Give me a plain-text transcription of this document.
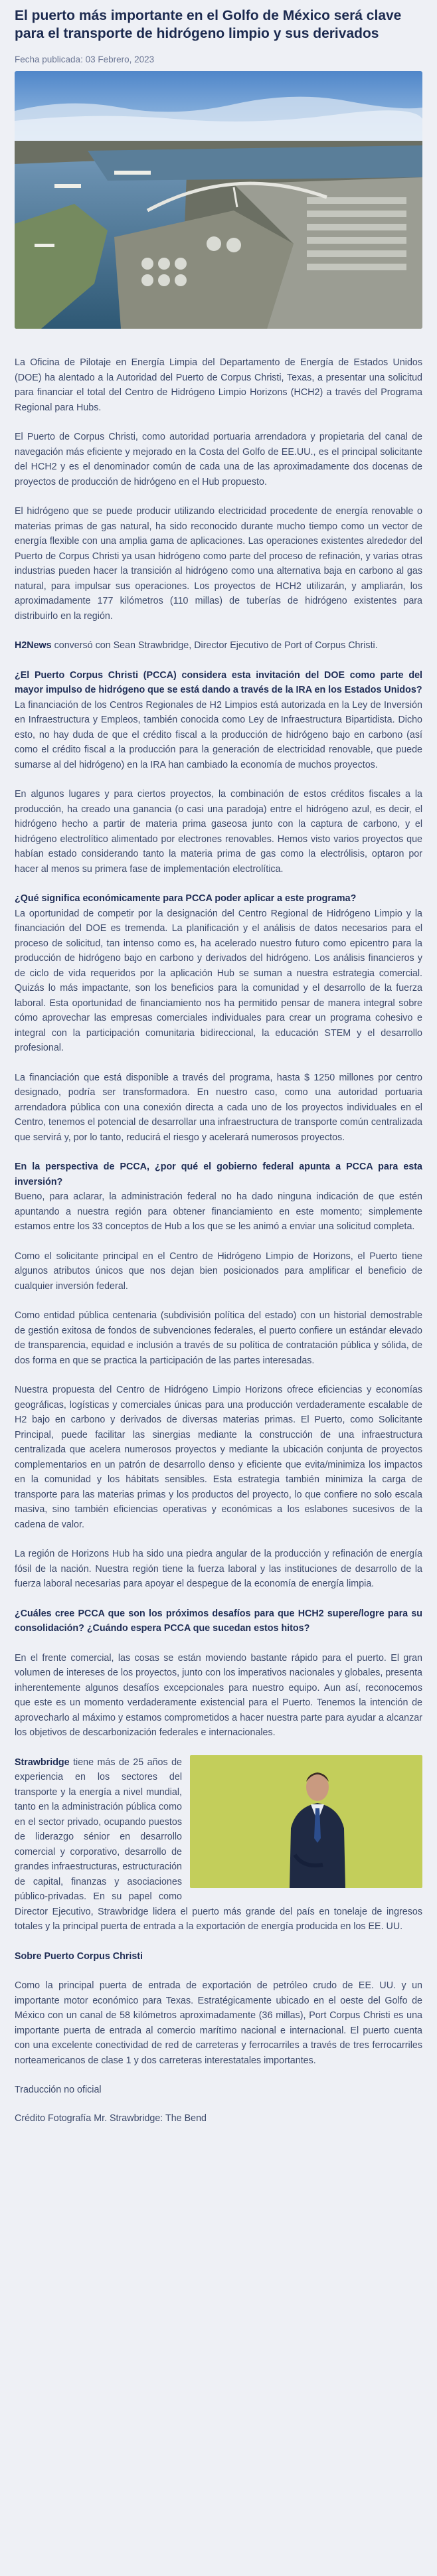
El puerto más importante en el Golfo de México será clave para el transporte de hidrógeno limpio y sus derivados
Fecha publicada: 03 Febrero, 2023

La Oficina de Pilotaje en Energía Limpia del Departamento de Energía de Estados Unidos (DOE) ha alentado a la Autoridad del Puerto de Corpus Christi, Texas, a presentar una solicitud para financiar el total del Centro de Hidrógeno Limpio Horizons (HCH2) a través del Programa Regional para Hubs.

El Puerto de Corpus Christi, como autoridad portuaria arrendadora y propietaria del canal de navegación más eficiente y mejorado en la Costa del Golfo de EE.UU., es el principal solicitante del HCH2 y es el denominador común de cada una de las aproximadamente dos docenas de proyectos de producción de hidrógeno en el Hub propuesto.

El hidrógeno que se puede producir utilizando electricidad procedente de energía renovable o materias primas de gas natural, ha sido reconocido durante mucho tiempo como un vector de energía flexible con una amplia gama de aplicaciones. Las operaciones existentes alrededor del Puerto de Corpus Christi ya usan hidrógeno como parte del proceso de refinación, y varias otras industrias pueden hacer la transición al hidrógeno como una alternativa baja en carbono al gas natural, para impulsar sus operaciones. Los proyectos de HCH2 utilizarán, y ampliarán, los aproximadamente 177 kilómetros (110 millas) de tuberías de hidrógeno existentes para distribuirlo en la región.

H2News conversó con Sean Strawbridge, Director Ejecutivo de Port of Corpus Christi.

¿El Puerto Corpus Christi (PCCA) considera esta invitación del DOE como parte del mayor impulso de hidrógeno que se está dando a través de la IRA en los Estados Unidos?

La financiación de los Centros Regionales de H2 Limpios está autorizada en la Ley de Inversión en Infraestructura y Empleos, también conocida como Ley de Infraestructura Bipartidista. Dicho esto, no hay duda de que el crédito fiscal a la producción de hidrógeno bajo en carbono (así como el crédito fiscal a la producción para la generación de electricidad renovable, que puede sumarse al del hidrógeno) en la IRA han cambiado la economía de muchos proyectos.

En algunos lugares y para ciertos proyectos, la combinación de estos créditos fiscales a la producción, ha creado una ganancia (o casi una paradoja) entre el hidrógeno azul, es decir, el hidrógeno hecho a partir de materia prima gaseosa junto con la captura de carbono, y el hidrógeno electrolítico alimentado por electrones renovables. Hemos visto varios proyectos que habían estado considerando tanto la materia prima de gas como la electrólisis, optaron por hacer al menos su primera fase de implementación electrolítica.

¿Qué significa económicamente para PCCA poder aplicar a este programa?

La oportunidad de competir por la designación del Centro Regional de Hidrógeno Limpio y la financiación del DOE es tremenda. La planificación y el análisis de datos necesarios para el proceso de solicitud, tan intenso como es, ha acelerado nuestro futuro como epicentro para la producción de hidrógeno bajo en carbono y derivados del hidrógeno. Los análisis financieros y de ciclo de vida requeridos por la aplicación Hub se suman a nuestra estrategia comercial. Quizás lo más impactante, son los beneficios para la comunidad y el desarrollo de la fuerza laboral. Esta oportunidad de financiamiento nos ha permitido pensar de manera integral sobre cómo aprovechar las empresas comerciales individuales para crear un programa cohesivo e integral con la participación comunitaria bidireccional, la educación STEM y el desarrollo profesional.

La financiación que está disponible a través del programa, hasta $ 1250 millones por centro designado, podría ser transformadora. En nuestro caso, como una autoridad portuaria arrendadora pública con una conexión directa a cada uno de los proyectos individuales en el Centro, tenemos el potencial de desarrollar una infraestructura de transporte común centralizada que servirá y, por lo tanto, reducirá el riesgo y acelerará numerosos proyectos.

En la perspectiva de PCCA, ¿por qué el gobierno federal apunta a PCCA para esta inversión?

Bueno, para aclarar, la administración federal no ha dado ninguna indicación de que estén apuntando a nuestra región para obtener financiamiento en este momento; simplemente estamos entre los 33 conceptos de Hub a los que se les animó a enviar una solicitud completa.

Como el solicitante principal en el Centro de Hidrógeno Limpio de Horizons, el Puerto tiene algunos atributos únicos que nos dejan bien posicionados para amplificar el beneficio de cualquier inversión federal.

Como entidad pública centenaria (subdivisión política del estado) con un historial demostrable de gestión exitosa de fondos de subvenciones federales, el puerto confiere un estándar elevado de transparencia, equidad e inclusión a través de su política de contratación pública y sólida, de dos forma en que se practica la participación de las partes interesadas.

Nuestra propuesta del Centro de Hidrógeno Limpio Horizons ofrece eficiencias y economías geográficas, logísticas y comerciales únicas para una producción verdaderamente escalable de H2 bajo en carbono y derivados de diversas materias primas. El Puerto, como Solicitante Principal, puede facilitar las sinergias mediante la construcción de una infraestructura centralizada que acelera numerosos proyectos y mediante la ubicación conjunta de proyectos complementarios en un patrón de desarrollo denso y eficiente que evita/minimiza los impactos en la comunidad y los hábitats sensibles. Esta estrategia también minimiza la carga de transporte para las materias primas y los productos del proyecto, lo que confiere no solo escala masiva, sino también eficiencias operativas y económicas a los eslabones sucesivos de la cadena de valor.

La región de Horizons Hub ha sido una piedra angular de la producción y refinación de energía fósil de la nación. Nuestra región tiene la fuerza laboral y las instituciones de desarrollo de la fuerza laboral necesarias para apoyar el despegue de la economía de energía limpia.

¿Cuáles cree PCCA que son los próximos desafíos para que HCH2 supere/logre para su consolidación? ¿Cuándo espera PCCA que sucedan estos hitos?

En el frente comercial, las cosas se están moviendo bastante rápido para el puerto. El gran volumen de intereses de los proyectos, junto con los imperativos nacionales y globales, presenta inherentemente algunos desafíos excepcionales para nuestro equipo. Aun así, reconocemos que este es un momento verdaderamente existencial para el Puerto. Tenemos la intención de aprovecharlo al máximo y estamos comprometidos a hacer nuestra parte para ayudar a alcanzar los objetivos de descarbonización federales e internacionales.

Strawbridge tiene más de 25 años de experiencia en los sectores del transporte y la energía a nivel mundial, tanto en la administración pública como en el sector privado, ocupando puestos de liderazgo sénior en desarrollo comercial y corporativo, desarrollo de grandes infraestructuras, estructuración de capital, finanzas y asociaciones público-privadas. En su papel como Director Ejecutivo, Strawbridge lidera el puerto más grande del país en tonelaje de ingresos totales y la principal puerta de entrada a la exportación de energía producida en los EE. UU.

Sobre Puerto Corpus Christi

Como la principal puerta de entrada de exportación de petróleo crudo de EE. UU. y un importante motor económico para Texas. Estratégicamente ubicado en el oeste del Golfo de México con un canal de 58 kilómetros aproximadamente (36 millas), Port Corpus Christi es una importante puerta de entrada al comercio marítimo nacional e internacional. El puerto cuenta con una excelente conectividad de red de carreteras y ferrocarriles a través de tres ferrocarriles norteamericanos de clase 1 y dos carreteras interestatales importantes.

Traducción no oficial
Crédito Fotografía Mr. Strawbridge: The Bend
